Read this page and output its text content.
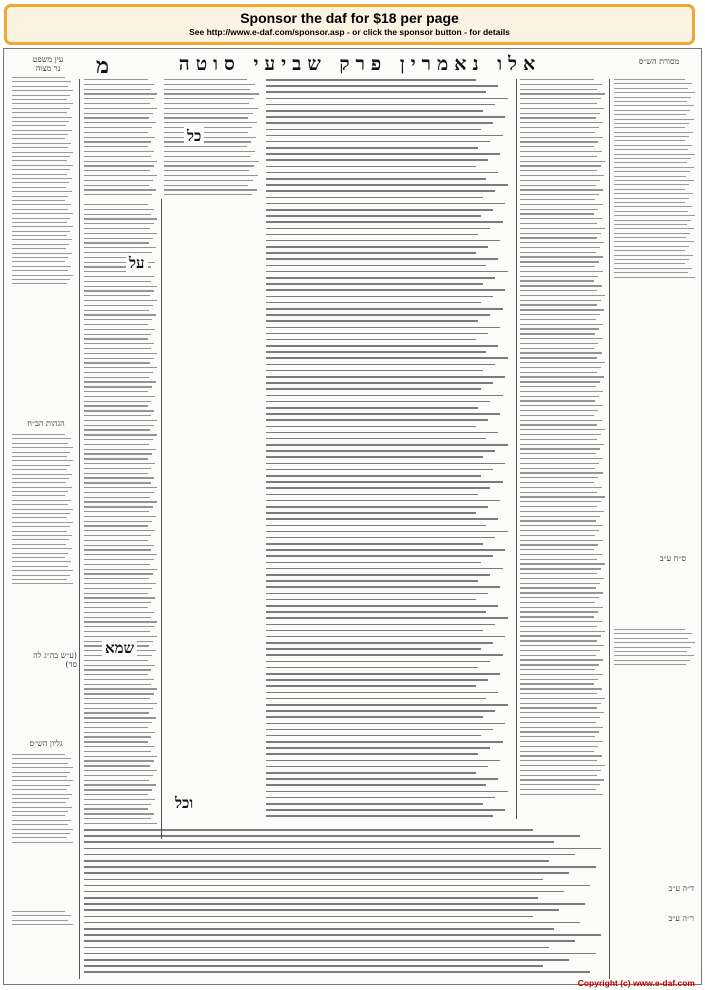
Sponsor the daf for $18 per page
See http://www.e-daf.com/sponsor.asp - or click the sponsor button - for details
אלו נאמרין פרק שביעי סוטה
מ
עין משפט
נר מצוה
מסורת הש״ס
הגהות הב״ח
(ע״ש בה״ג לה סד)
גליון הש״ס
כל
על
שמא
וכל
ס״ח ע״ב
ד״ה ע״ב
ר״ה ע״ב
Copyright (c) www.e-daf.com
